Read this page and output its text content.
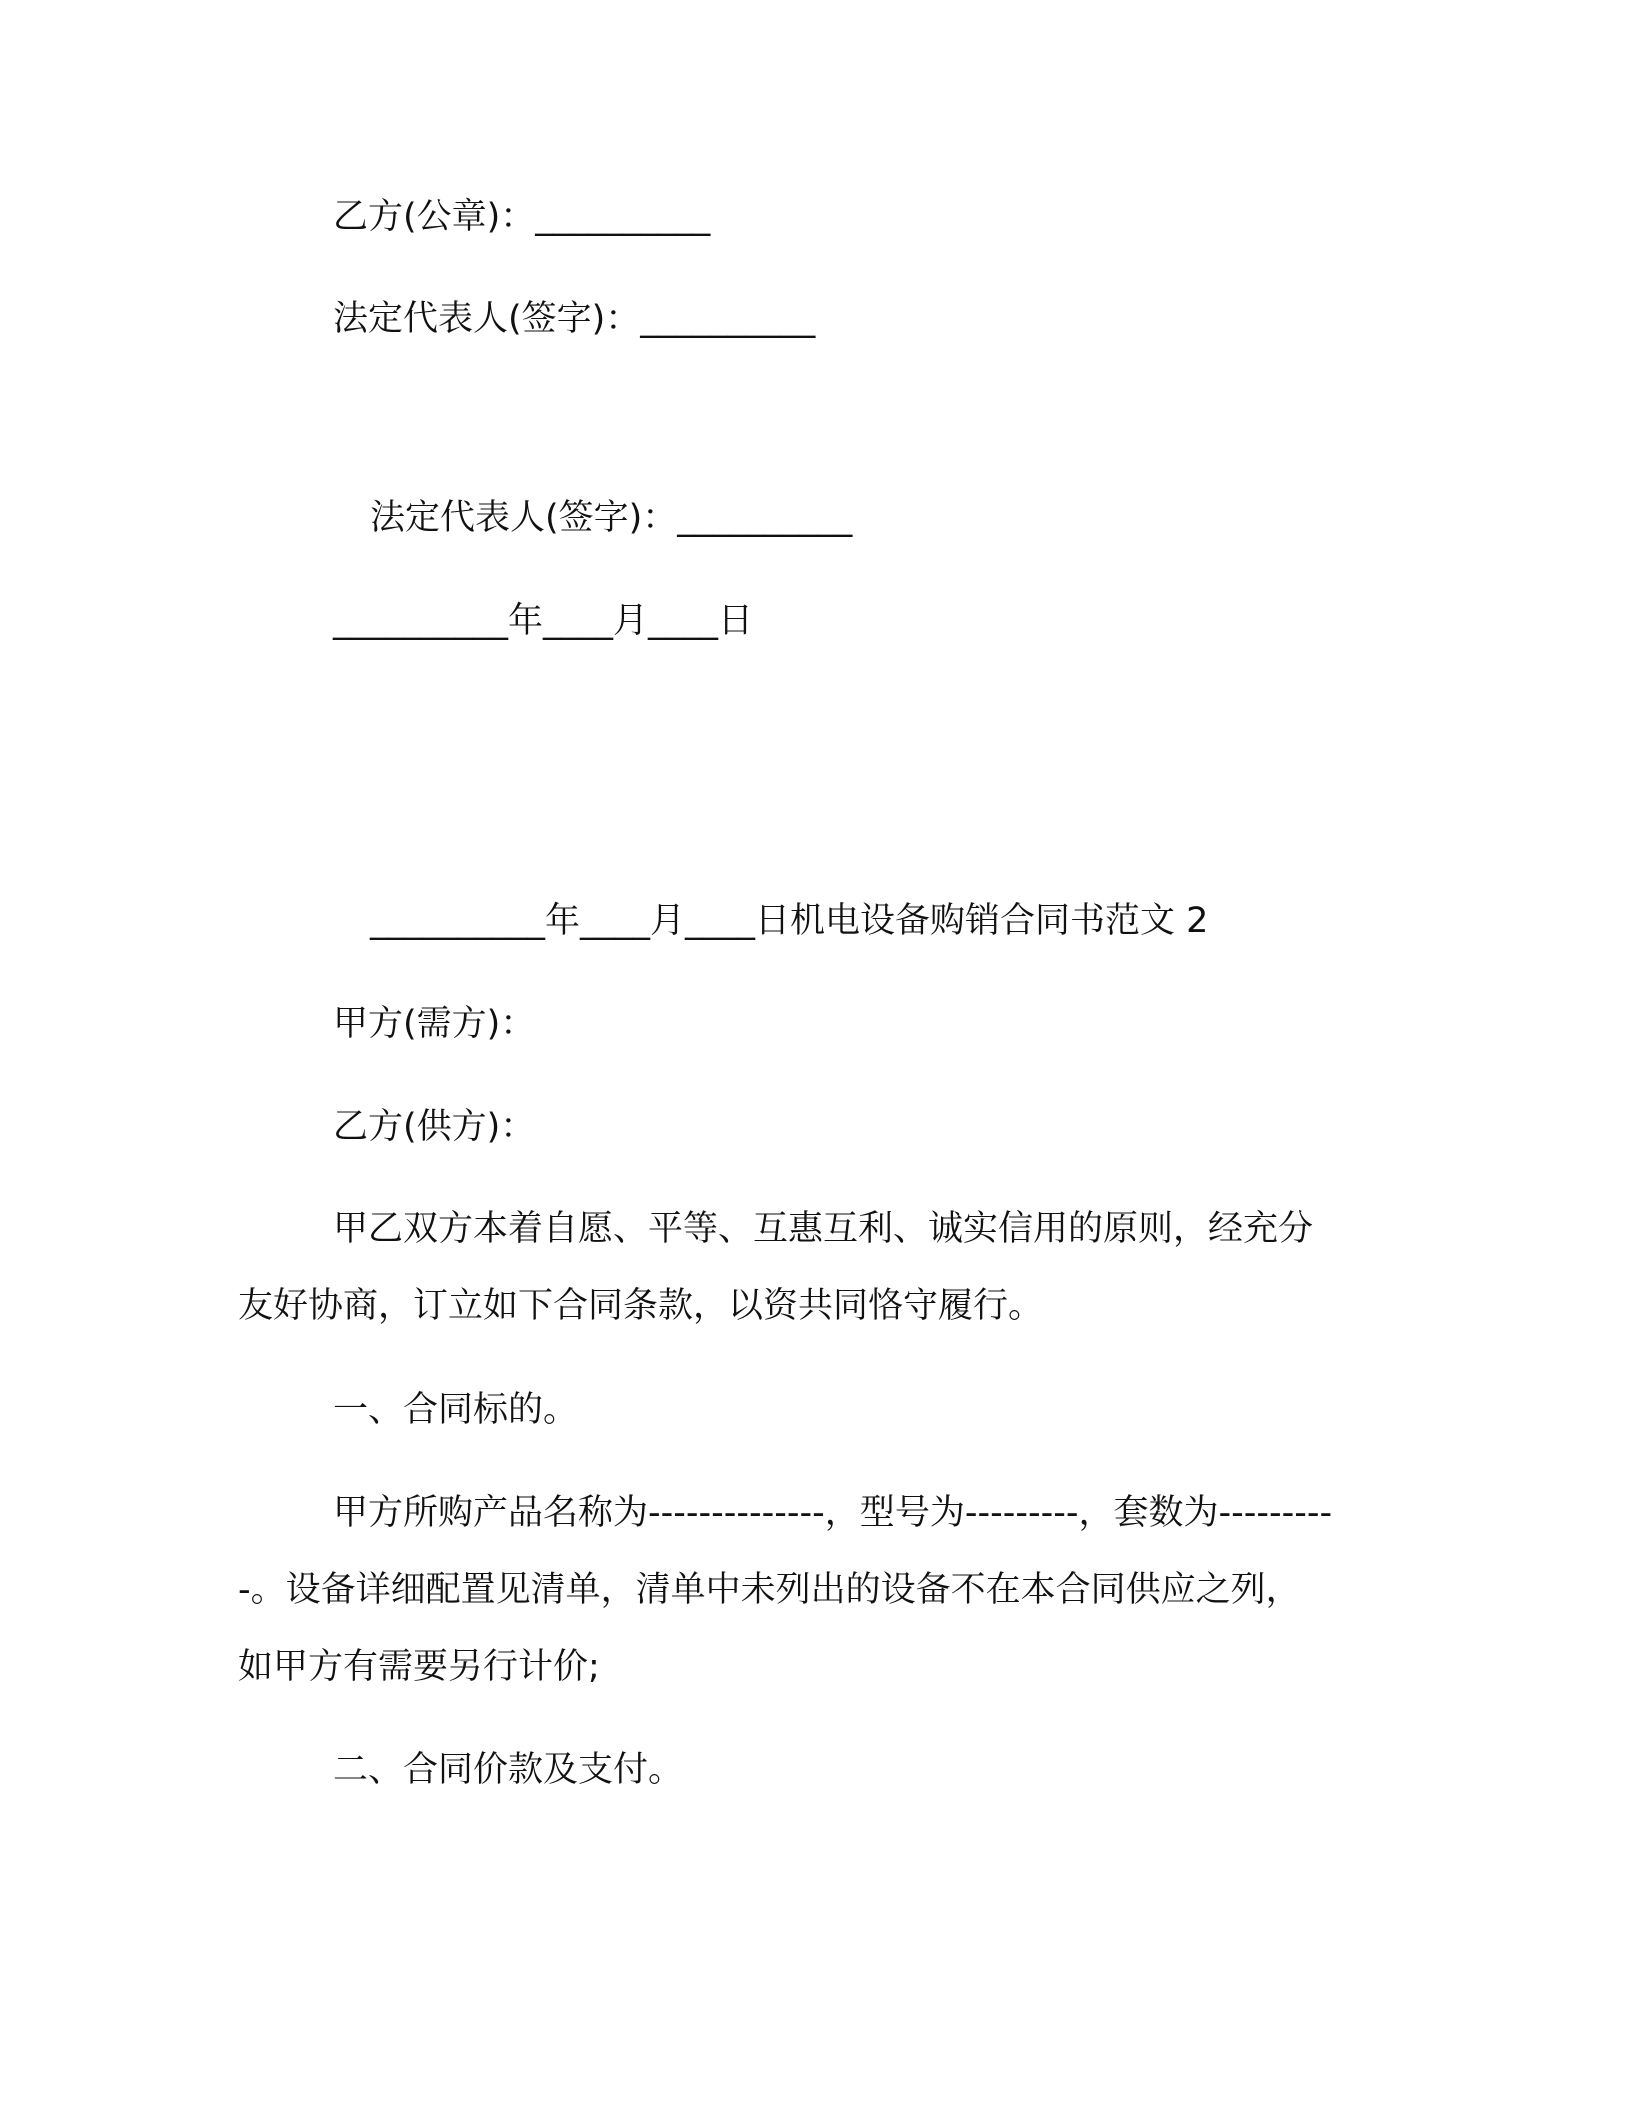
乙方(公章)：__________

法定代表人(签字)：__________

法定代表人(签字)：__________

__________年____月____日

__________年____月____日机电设备购销合同书范文 2

甲方(需方)：

乙方(供方)：

甲乙双方本着自愿、平等、互惠互利、诚实信用的原则，经充分

友好协商，订立如下合同条款，以资共同恪守履行。

一、合同标的。

甲方所购产品名称为--------------，型号为---------，套数为---------

-。设备详细配置见清单，清单中未列出的设备不在本合同供应之列，

如甲方有需要另行计价;

二、合同价款及支付。
